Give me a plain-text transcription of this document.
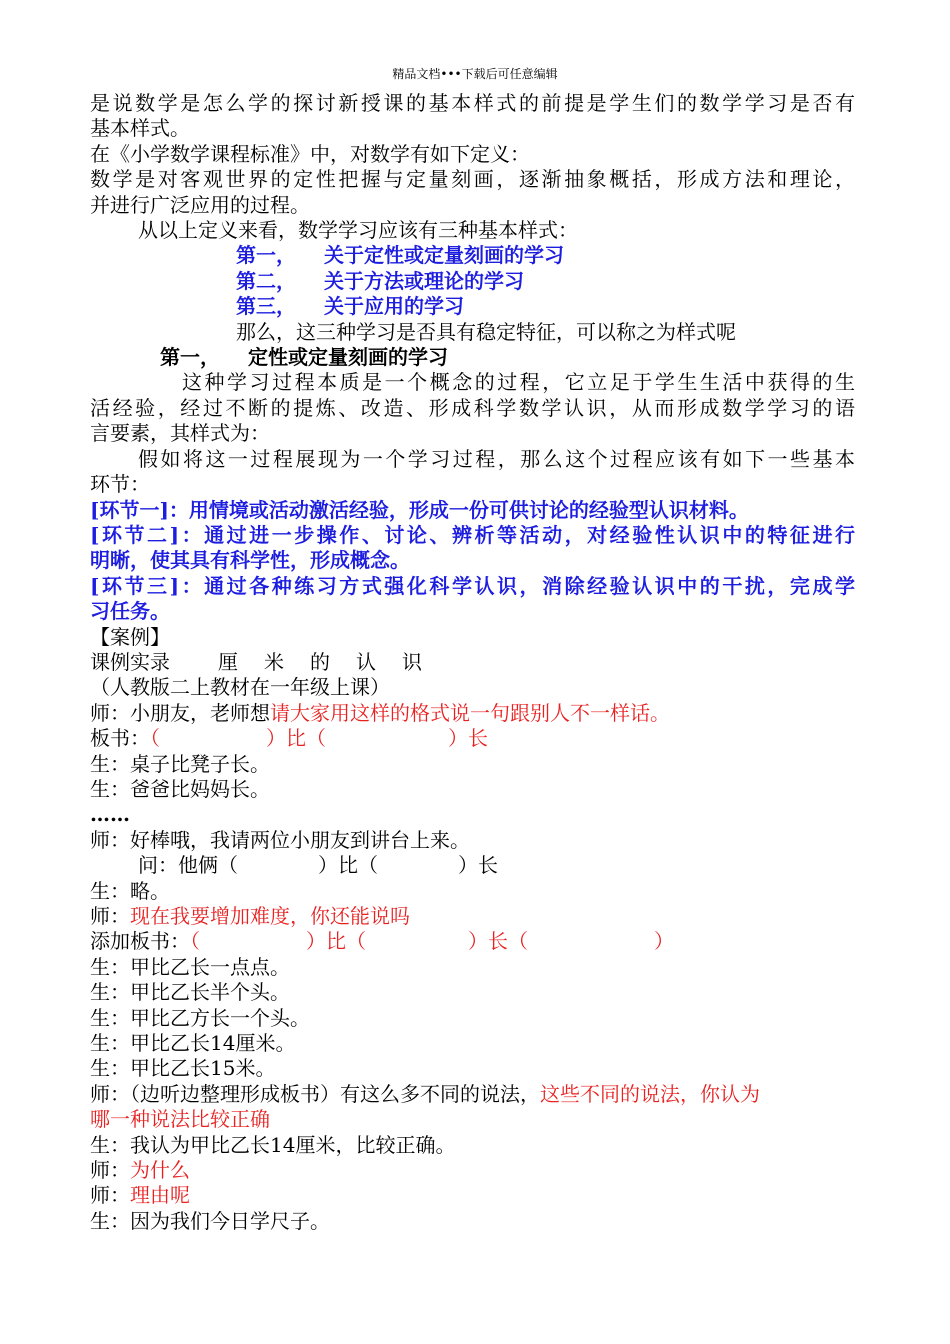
精品文档•••下载后可任意编辑
是说数学是怎么学的探讨新授课的基本样式的前提是学生们的数学学习是否有
基本样式。
在《小学数学课程标准》中，对数学有如下定义：
数学是对客观世界的定性把握与定量刻画，逐渐抽象概括，形成方法和理论，
并进行广泛应用的过程。
从以上定义来看，数学学习应该有三种基本样式：
第一， 关于定性或定量刻画的学习
第二， 关于方法或理论的学习
第三， 关于应用的学习
那么，这三种学习是否具有稳定特征，可以称之为样式呢
第一， 定性或定量刻画的学习
这种学习过程本质是一个概念的过程，它立足于学生生活中获得的生
活经验，经过不断的提炼、改造、形成科学数学认识，从而形成数学学习的语
言要素，其样式为：
假如将这一过程展现为一个学习过程，那么这个过程应该有如下一些基本
环节：
[环节一]：用情境或活动激活经验，形成一份可供讨论的经验型认识材料。
[环节二]：通过进一步操作、讨论、辨析等活动，对经验性认识中的特征进行
明晰，使其具有科学性，形成概念。
[环节三]：通过各种练习方式强化科学认识，消除经验认识中的干扰，完成学
习任务。
【案例】
课例实录 厘米的认识
（人教版二上教材在一年级上课）
师：小朋友，老师想请大家用这样的格式说一句跟别人不一样话。
板书：（	）比（	）长
生：桌子比凳子长。
生：爸爸比妈妈长。
……
师：好棒哦，我请两位小朋友到讲台上来。
问：他俩（	）比（	）长
生：略。
师：现在我要增加难度，你还能说吗
添加板书：（	）比（	）长（	）
生：甲比乙长一点点。
生：甲比乙长半个头。
生：甲比乙方长一个头。
生：甲比乙长14厘米。
生：甲比乙长15米。
师：（边听边整理形成板书）有这么多不同的说法，这些不同的说法，你认为
哪一种说法比较正确
生：我认为甲比乙长14厘米，比较正确。
师：为什么
师：理由呢
生：因为我们今日学尺子。
